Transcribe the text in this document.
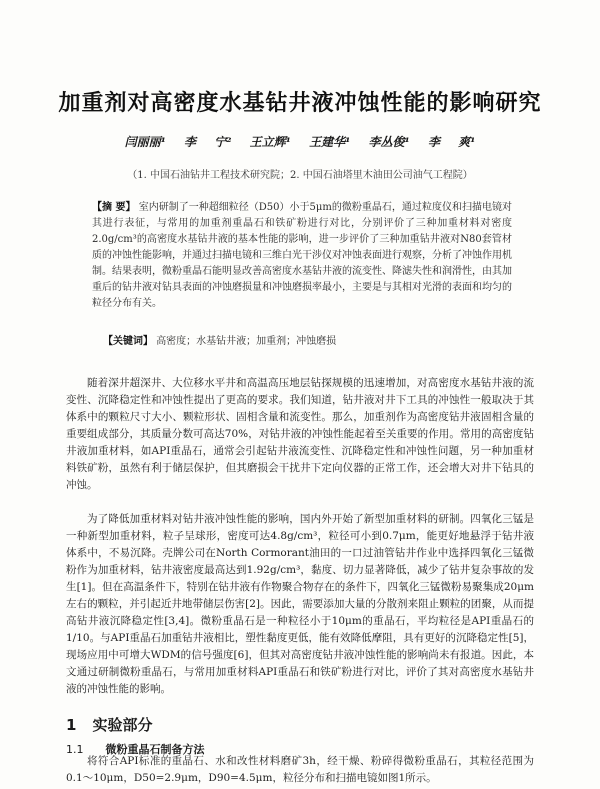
加重剂对高密度水基钻井液冲蚀性能的影响研究
闫丽丽¹ 李 宁² 王立辉¹ 王建华¹ 李丛俊¹ 李 爽¹
（1. 中国石油钻井工程技术研究院；2. 中国石油塔里木油田公司油气工程院）
【摘 要】 室内研制了一种超细粒径（D50）小于5μm的微粉重晶石，通过粒度仪和扫描电镜对其进行表征，与常用的加重剂重晶石和铁矿粉进行对比，分别评价了三种加重材料对密度2.0g/cm³的高密度水基钻井液的基本性能的影响，进一步评价了三种加重钻井液对N80套管材质的冲蚀性能影响，并通过扫描电镜和三维白光干涉仪对冲蚀表面进行观察，分析了冲蚀作用机制。结果表明，微粉重晶石能明显改善高密度水基钻井液的流变性、降滤失性和润滑性，由其加重后的钻井液对钻具表面的冲蚀磨损量和冲蚀磨损率最小，主要是与其相对光滑的表面和均匀的粒径分布有关。
【关键词】 高密度；水基钻井液；加重剂；冲蚀磨损
随着深井超深井、大位移水平井和高温高压地层钻探规模的迅速增加，对高密度水基钻井液的流变性、沉降稳定性和冲蚀性提出了更高的要求。我们知道，钻井液对井下工具的冲蚀性一般取决于其体系中的颗粒尺寸大小、颗粒形状、固相含量和流变性。那么，加重剂作为高密度钻井液固相含量的重要组成部分，其质量分数可高达70%，对钻井液的冲蚀性能起着至关重要的作用。常用的高密度钻井液加重材料，如API重晶石，通常会引起钻井液流变性、沉降稳定性和冲蚀性问题，另一种加重材料铁矿粉，虽然有利于储层保护，但其磨损会干扰井下定向仪器的正常工作，还会增大对井下钻具的冲蚀。
为了降低加重材料对钻井液冲蚀性能的影响，国内外开始了新型加重材料的研制。四氧化三锰是一种新型加重材料，粒子呈球形，密度可达4.8g/cm³，粒径可小到0.7μm，能更好地悬浮于钻井液体系中，不易沉降。壳牌公司在North Cormorant油田的一口过油管钻井作业中选择四氧化三锰微粉作为加重材料，钻井液密度最高达到1.92g/cm³，黏度、切力显著降低，减少了钻井复杂事故的发生[1]。但在高温条件下，特别在钻井液有作物聚合物存在的条件下，四氧化三锰微粉易聚集成20μm左右的颗粒，并引起近井地带储层伤害[2]。因此，需要添加大量的分散剂来阻止颗粒的团聚，从而提高钻井液沉降稳定性[3,4]。微粉重晶石是一种粒径小于10μm的重晶石，平均粒径是API重晶石的1/10。与API重晶石加重钻井液相比，塑性黏度更低，能有效降低摩阻，具有更好的沉降稳定性[5]，现场应用中可增大WDM的信号强度[6]，但其对高密度钻井液冲蚀性能的影响尚未有报道。因此，本文通过研制微粉重晶石，与常用加重材料API重晶石和铁矿粉进行对比，评价了其对高密度水基钻井液的冲蚀性能的影响。
1 实验部分
1.1 微粉重晶石制备方法
将符合API标准的重晶石、水和改性材料磨矿3h，经干燥、粉碎得微粉重晶石，其粒径范围为0.1～10μm，D50=2.9μm，D90=4.5μm，粒径分布和扫描电镜如图1所示。
